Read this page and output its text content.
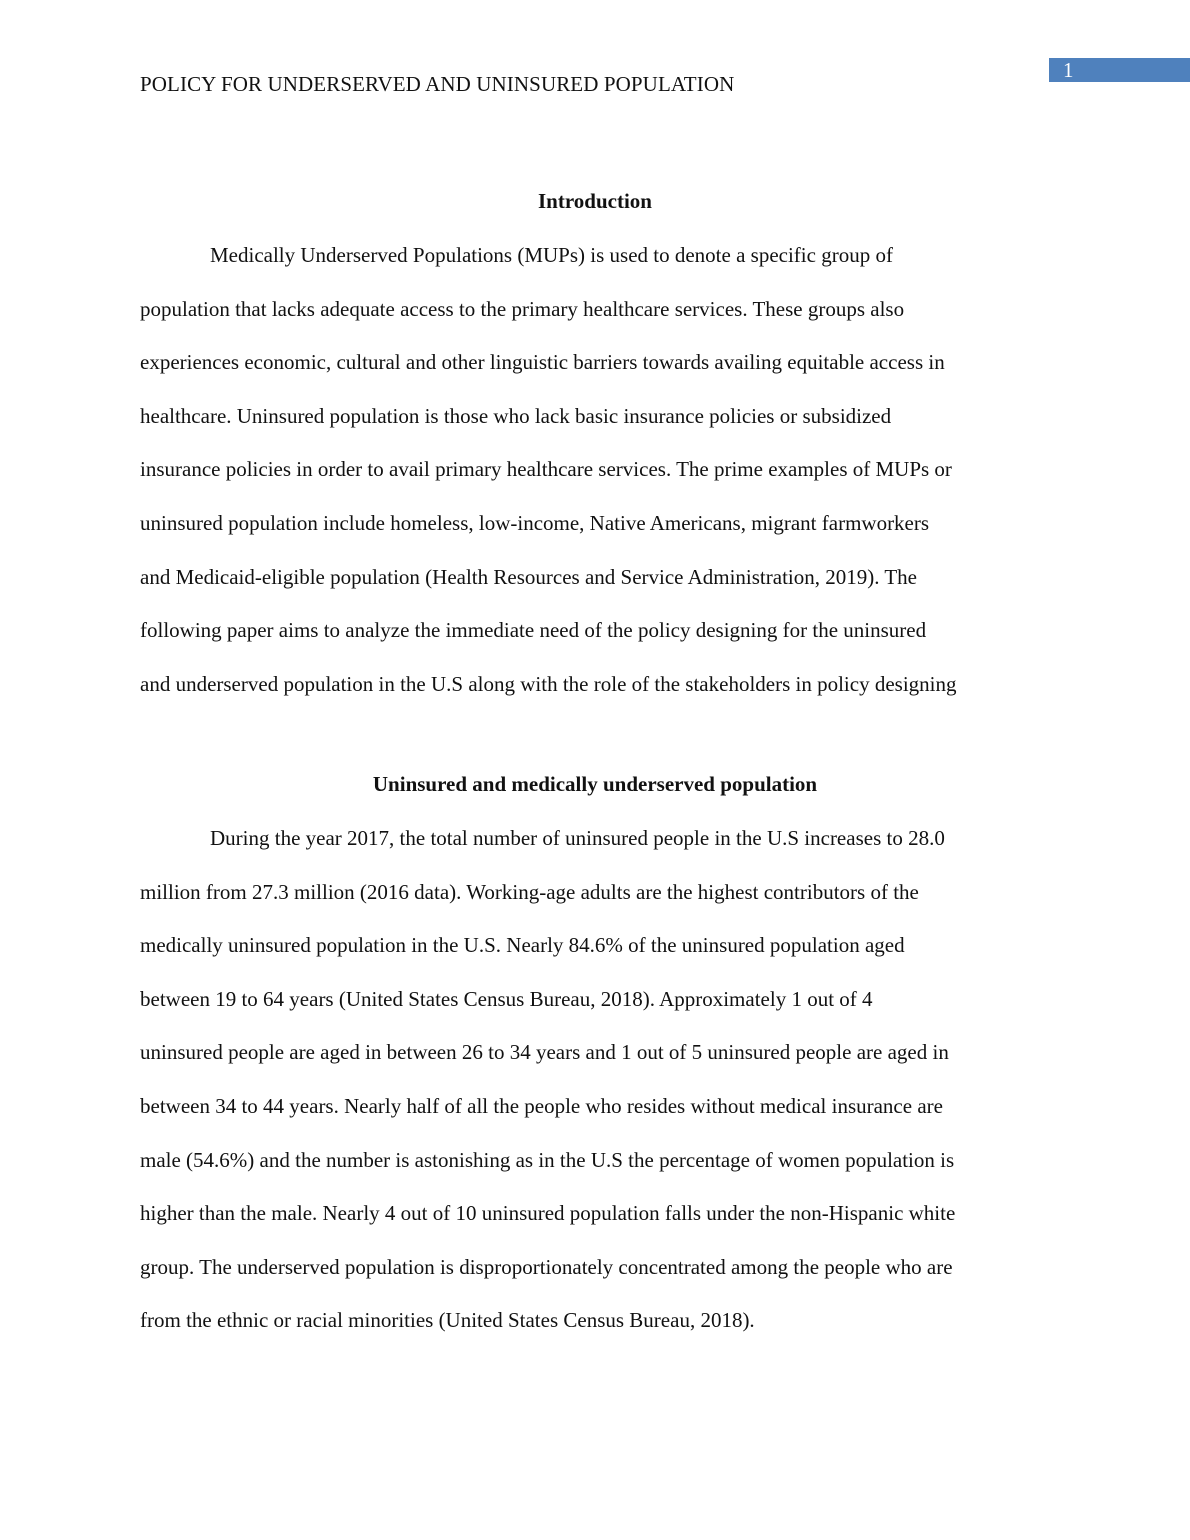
1
POLICY FOR UNDERSERVED AND UNINSURED POPULATION
Introduction
Medically Underserved Populations (MUPs) is used to denote a specific group of
population that lacks adequate access to the primary healthcare services. These groups also
experiences economic, cultural and other linguistic barriers towards availing equitable access in
healthcare. Uninsured population is those who lack basic insurance policies or subsidized
insurance policies in order to avail primary healthcare services. The prime examples of MUPs or
uninsured population include homeless, low-income, Native Americans, migrant farmworkers
and Medicaid-eligible population (Health Resources and Service Administration, 2019). The
following paper aims to analyze the immediate need of the policy designing for the uninsured
and underserved population in the U.S along with the role of the stakeholders in policy designing
Uninsured and medically underserved population
During the year 2017, the total number of uninsured people in the U.S increases to 28.0
million from 27.3 million (2016 data). Working-age adults are the highest contributors of the
medically uninsured population in the U.S. Nearly 84.6% of the uninsured population aged
between 19 to 64 years (United States Census Bureau, 2018). Approximately 1 out of 4
uninsured people are aged in between 26 to 34 years and 1 out of 5 uninsured people are aged in
between 34 to 44 years. Nearly half of all the people who resides without medical insurance are
male (54.6%) and the number is astonishing as in the U.S the percentage of women population is
higher than the male. Nearly 4 out of 10 uninsured population falls under the non-Hispanic white
group. The underserved population is disproportionately concentrated among the people who are
from the ethnic or racial minorities (United States Census Bureau, 2018).
